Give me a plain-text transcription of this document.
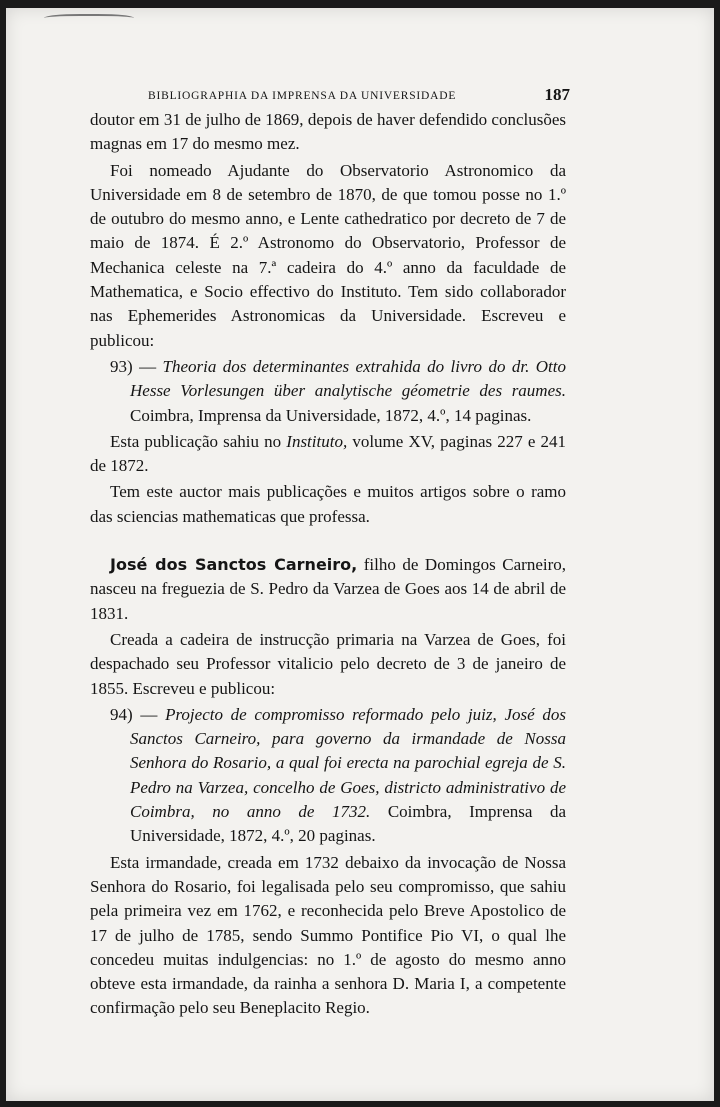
BIBLIOGRAPHIA DA IMPRENSA DA UNIVERSIDADE	187

doutor em 31 de julho de 1869, depois de haver defendido conclusões magnas em 17 do mesmo mez.

Foi nomeado Ajudante do Observatorio Astronomico da Universidade em 8 de setembro de 1870, de que tomou posse no 1.º de outubro do mesmo anno, e Lente cathedratico por decreto de 7 de maio de 1874. É 2.º Astronomo do Observatorio, Professor de Mechanica celeste na 7.ª cadeira do 4.º anno da faculdade de Mathematica, e Socio effectivo do Instituto. Tem sido collaborador nas Ephemerides Astronomicas da Universidade. Escreveu e publicou:

93) — Theoria dos determinantes extrahida do livro do dr. Otto Hesse Vorlesungen über analytische géometrie des raumes. Coimbra, Imprensa da Universidade, 1872, 4.º, 14 paginas.

Esta publicação sahiu no Instituto, volume XV, paginas 227 e 241 de 1872.

Tem este auctor mais publicações e muitos artigos sobre o ramo das sciencias mathematicas que professa.

José dos Sanctos Carneiro, filho de Domingos Carneiro, nasceu na freguezia de S. Pedro da Varzea de Goes aos 14 de abril de 1831.

Creada a cadeira de instrucção primaria na Varzea de Goes, foi despachado seu Professor vitalicio pelo decreto de 3 de janeiro de 1855. Escreveu e publicou:

94) — Projecto de compromisso reformado pelo juiz, José dos Sanctos Carneiro, para governo da irmandade de Nossa Senhora do Rosario, a qual foi erecta na parochial egreja de S. Pedro na Varzea, concelho de Goes, districto administrativo de Coimbra, no anno de 1732. Coimbra, Imprensa da Universidade, 1872, 4.º, 20 paginas.

Esta irmandade, creada em 1732 debaixo da invocação de Nossa Senhora do Rosario, foi legalisada pelo seu compromisso, que sahiu pela primeira vez em 1762, e reconhecida pelo Breve Apostolico de 17 de julho de 1785, sendo Summo Pontifice Pio VI, o qual lhe concedeu muitas indulgencias: no 1.º de agosto do mesmo anno obteve esta irmandade, da rainha a senhora D. Maria I, a competente confirmação pelo seu Beneplacito Regio.
